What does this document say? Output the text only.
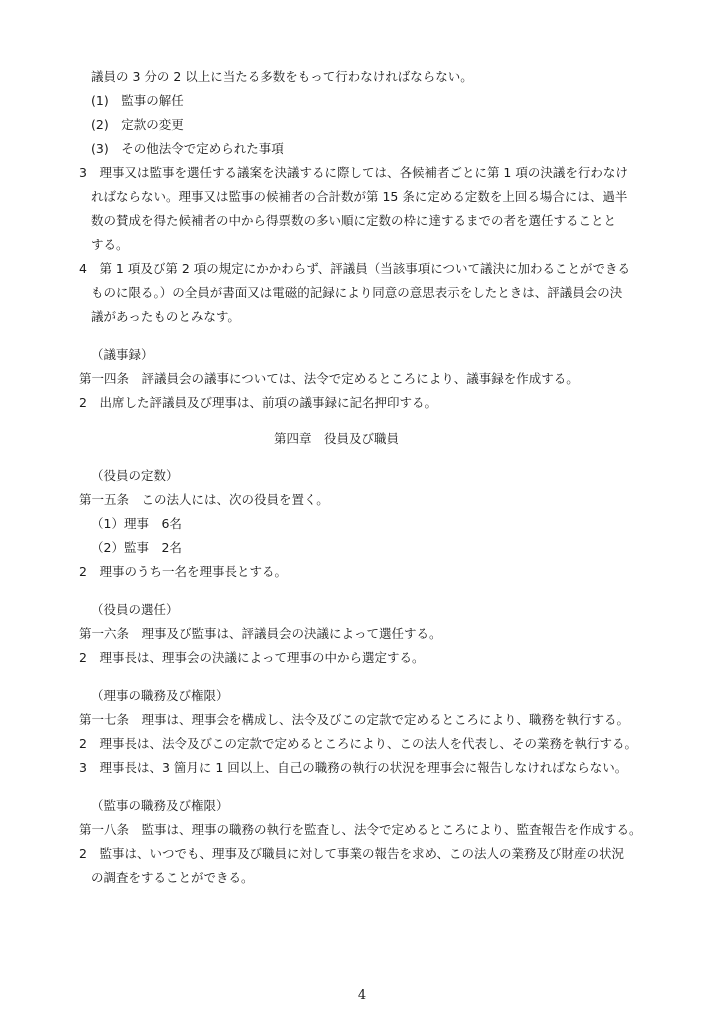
議員の 3 分の 2 以上に当たる多数をもって行わなければならない。
(1)　監事の解任
(2)　定款の変更
(3)　その他法令で定められた事項
3　理事又は監事を選任する議案を決議するに際しては、各候補者ごとに第 1 項の決議を行わなけ
ればならない。理事又は監事の候補者の合計数が第 15 条に定める定数を上回る場合には、過半
数の賛成を得た候補者の中から得票数の多い順に定数の枠に達するまでの者を選任することと
する。
4　第 1 項及び第 2 項の規定にかかわらず、評議員（当該事項について議決に加わることができる
ものに限る。）の全員が書面又は電磁的記録により同意の意思表示をしたときは、評議員会の決
議があったものとみなす。
（議事録）
第一四条　評議員会の議事については、法令で定めるところにより、議事録を作成する。
2　出席した評議員及び理事は、前項の議事録に記名押印する。
第四章　役員及び職員
（役員の定数）
第一五条　この法人には、次の役員を置く。
（1）理事　6名
（2）監事　2名
2　理事のうち一名を理事長とする。
（役員の選任）
第一六条　理事及び監事は、評議員会の決議によって選任する。
2　理事長は、理事会の決議によって理事の中から選定する。
（理事の職務及び権限）
第一七条　理事は、理事会を構成し、法令及びこの定款で定めるところにより、職務を執行する。
2　理事長は、法令及びこの定款で定めるところにより、この法人を代表し、その業務を執行する。
3　理事長は、3 箇月に 1 回以上、自己の職務の執行の状況を理事会に報告しなければならない。
（監事の職務及び権限）
第一八条　監事は、理事の職務の執行を監査し、法令で定めるところにより、監査報告を作成する。
2　監事は、いつでも、理事及び職員に対して事業の報告を求め、この法人の業務及び財産の状況
の調査をすることができる。
4
